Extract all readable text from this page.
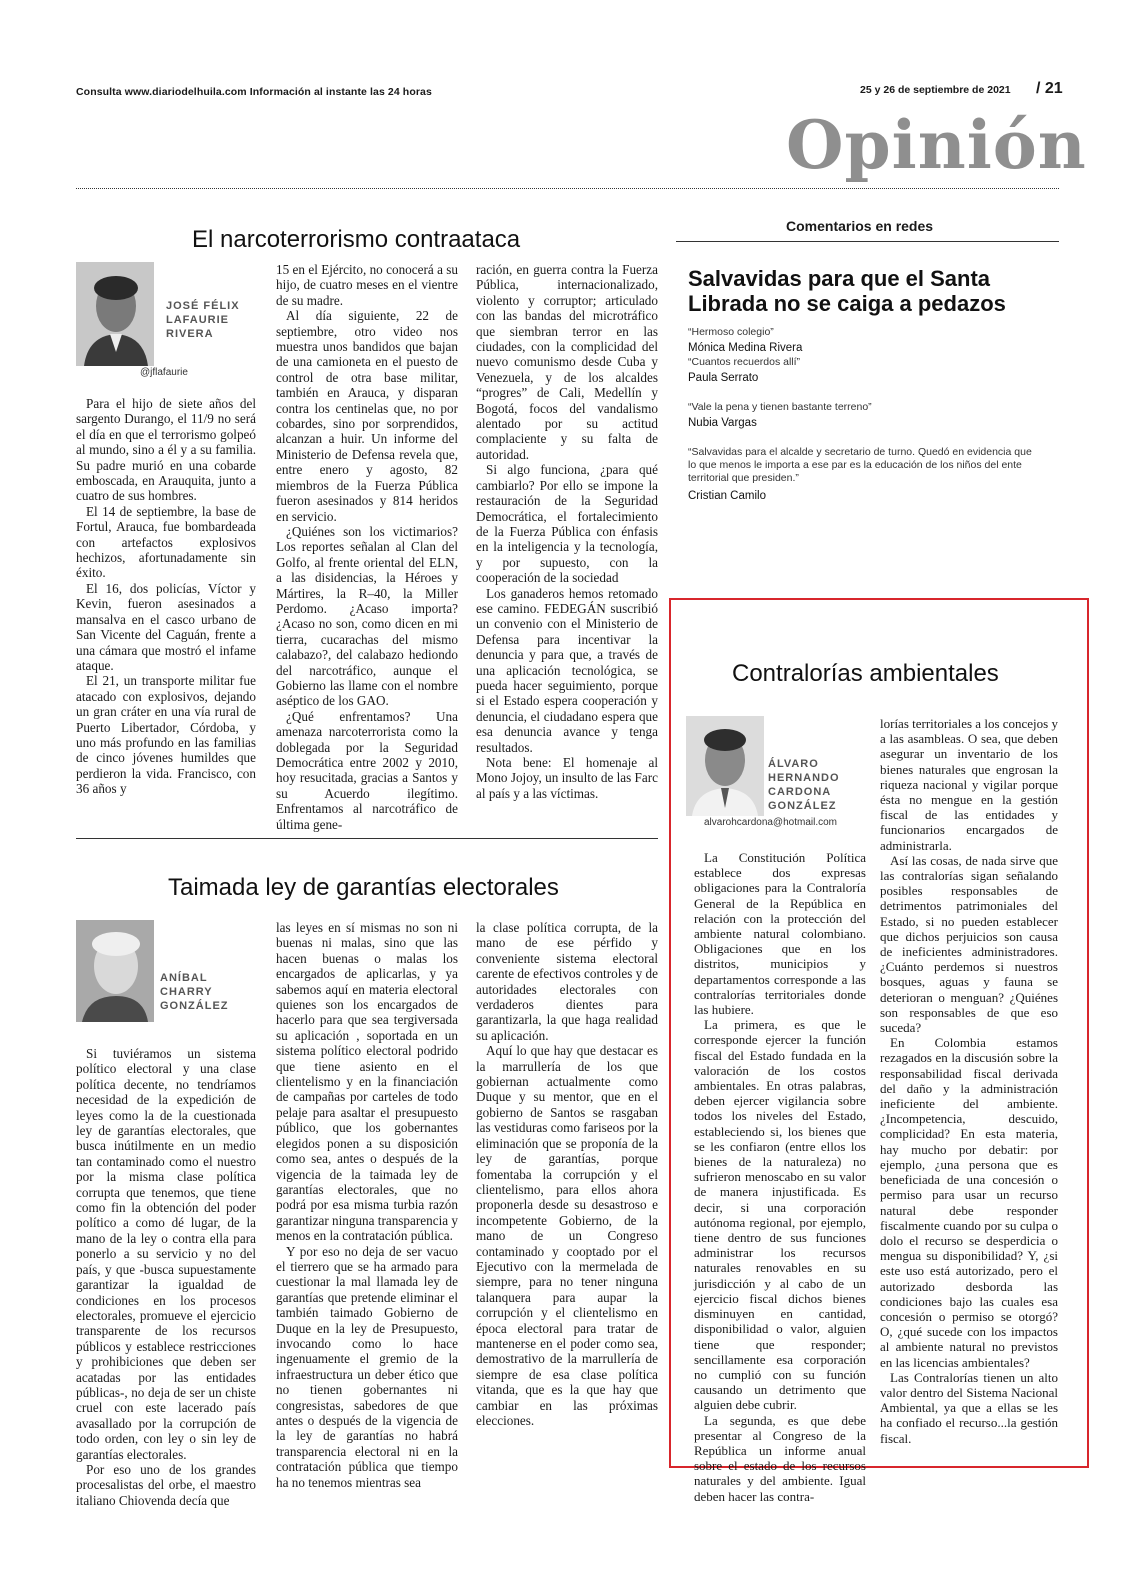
Consulta www.diariodelhuila.com Información al instante las 24 horas	25 y 26 de septiembre de 2021 / 21
Opinión
El narcoterrorismo contraataca
JOSÉ FÉLIX
LAFAURIE
RIVERA
@jflafaurie

Para el hijo de siete años del sargento Durango, el 11/9 no será el día en que el terrorismo golpeó al mundo, sino a él y a su familia. Su padre murió en una cobarde emboscada, en Arauquita, junto a cuatro de sus hombres.

El 14 de septiembre, la base de Fortul, Arauca, fue bombardeada con artefactos explosivos hechizos, afortunadamente sin éxito.

El 16, dos policías, Víctor y Kevin, fueron asesinados a mansalva en el casco urbano de San Vicente del Caguán, frente a una cámara que mostró el infame ataque.

El 21, un transporte militar fue atacado con explosivos, dejando un gran cráter en una vía rural de Puerto Libertador, Córdoba, y uno más profundo en las familias de cinco jóvenes humildes que perdieron la vida. Francisco, con 36 años y

15 en el Ejército, no conocerá a su hijo, de cuatro meses en el vientre de su madre.

Al día siguiente, 22 de septiembre, otro video nos muestra unos bandidos que bajan de una camioneta en el puesto de control de otra base militar, también en Arauca, y disparan contra los centinelas que, no por cobardes, sino por sorprendidos, alcanzan a huir. Un informe del Ministerio de Defensa revela que, entre enero y agosto, 82 miembros de la Fuerza Pública fueron asesinados y 814 heridos en servicio.

¿Quiénes son los victimarios? Los reportes señalan al Clan del Golfo, al frente oriental del ELN, a las disidencias, la Héroes y Mártires, la R–40, la Miller Perdomo. ¿Acaso importa? ¿Acaso no son, como dicen en mi tierra, cucarachas del mismo calabazo?, del calabazo hediondo del narcotráfico, aunque el Gobierno las llame con el nombre aséptico de los GAO.

¿Qué enfrentamos? Una amenaza narcoterrorista como la doblegada por la Seguridad Democrática entre 2002 y 2010, hoy resucitada, gracias a Santos y su Acuerdo ilegítimo. Enfrentamos al narcotráfico de última gene-

ración, en guerra contra la Fuerza Pública, internacionalizado, violento y corruptor; articulado con las bandas del microtráfico que siembran terror en las ciudades, con la complicidad del nuevo comunismo desde Cuba y Venezuela, y de los alcaldes “progres” de Cali, Medellín y Bogotá, focos del vandalismo alentado por su actitud complaciente y su falta de autoridad.

Si algo funciona, ¿para qué cambiarlo? Por ello se impone la restauración de la Seguridad Democrática, el fortalecimiento de la Fuerza Pública con énfasis en la inteligencia y la tecnología, y por supuesto, con la cooperación de la sociedad

Los ganaderos hemos retomado ese camino. FEDEGÁN suscribió un convenio con el Ministerio de Defensa para incentivar la denuncia y para que, a través de una aplicación tecnológica, se pueda hacer seguimiento, porque si el Estado espera cooperación y denuncia, el ciudadano espera que esa denuncia avance y tenga resultados.

Nota bene: El homenaje al Mono Jojoy, un insulto de las Farc al país y a las víctimas.

Taimada ley de garantías electorales
ANÍBAL
CHARRY
GONZÁLEZ

Si tuviéramos un sistema político electoral y una clase política decente, no tendríamos necesidad de la expedición de leyes como la de la cuestionada ley de garantías electorales, que busca inútilmente en un medio tan contaminado como el nuestro por la misma clase política corrupta que tenemos, que tiene como fin la obtención del poder político a como dé lugar, de la mano de la ley o contra ella para ponerlo a su servicio y no del país, y que -busca supuestamente garantizar la igualdad de condiciones en los procesos electorales, promueve el ejercicio transparente de los recursos públicos y establece restricciones y prohibiciones que deben ser acatadas por las entidades públicas-, no deja de ser un chiste cruel con este lacerado país avasallado por la corrupción de todo orden, con ley o sin ley de garantías electorales.

Por eso uno de los grandes procesalistas del orbe, el maestro italiano Chiovenda decía que

las leyes en sí mismas no son ni buenas ni malas, sino que las hacen buenas o malas los encargados de aplicarlas, y ya sabemos aquí en materia electoral quienes son los encargados de hacerlo para que sea tergiversada su aplicación , soportada en un sistema político electoral podrido que tiene asiento en el clientelismo y en la financiación de campañas por carteles de todo pelaje para asaltar el presupuesto público, que los gobernantes elegidos ponen a su disposición como sea, antes o después de la vigencia de la taimada ley de garantías electorales, que no podrá por esa misma turbia razón garantizar ninguna transparencia y menos en la contratación pública.

Y por eso no deja de ser vacuo el tierrero que se ha armado para cuestionar la mal llamada ley de garantías que pretende eliminar el también taimado Gobierno de Duque en la ley de Presupuesto, invocando como lo hace ingenuamente el gremio de la infraestructura un deber ético que no tienen gobernantes ni congresistas, sabedores de que antes o después de la vigencia de la ley de garantías no habrá transparencia electoral ni en la contratación pública que tiempo ha no tenemos mientras sea

la clase política corrupta, de la mano de ese pérfido y conveniente sistema electoral carente de efectivos controles y de autoridades electorales con verdaderos dientes para garantizarla, la que haga realidad su aplicación.

Aquí lo que hay que destacar es la marrullería de los que gobiernan actualmente como Duque y su mentor, que en el gobierno de Santos se rasgaban las vestiduras como fariseos por la eliminación que se proponía de la ley de garantías, porque fomentaba la corrupción y el clientelismo, para ellos ahora proponerla desde su desastroso e incompetente Gobierno, de la mano de un Congreso contaminado y cooptado por el Ejecutivo con la mermelada de siempre, para no tener ninguna talanquera para aupar la corrupción y el clientelismo en época electoral para tratar de mantenerse en el poder como sea, demostrativo de la marrullería de siempre de esa clase política vitanda, que es la que hay que cambiar en las próximas elecciones.

Comentarios en redes
Salvavidas para que el Santa Librada no se caiga a pedazos
“Hermoso colegio”
Mónica Medina Rivera
“Cuantos recuerdos allí”
Paula Serrato
“Vale la pena y tienen bastante terreno”
Nubia Vargas
“Salvavidas para el alcalde y secretario de turno. Quedó en evidencia que lo que menos le importa a ese par es la educación de los niños del ente territorial que presiden.”
Cristian Camilo
Contralorías ambientales
ÁLVARO
HERNANDO
CARDONA
GONZÁLEZ
alvarohcardona@hotmail.com

La Constitución Política establece dos expresas obligaciones para la Contraloría General de la República en relación con la protección del ambiente natural colombiano. Obligaciones que en los distritos, municipios y departamentos corresponde a las contralorías territoriales donde las hubiere.

La primera, es que le corresponde ejercer la función fiscal del Estado fundada en la valoración de los costos ambientales. En otras palabras, deben ejercer vigilancia sobre todos los niveles del Estado, estableciendo si, los bienes que se les confiaron (entre ellos los bienes de la naturaleza) no sufrieron menoscabo en su valor de manera injustificada. Es decir, si una corporación autónoma regional, por ejemplo, tiene dentro de sus funciones administrar los recursos naturales renovables en su jurisdicción y al cabo de un ejercicio fiscal dichos bienes disminuyen en cantidad, disponibilidad o valor, alguien tiene que responder; sencillamente esa corporación no cumplió con su función causando un detrimento que alguien debe cubrir.

La segunda, es que debe presentar al Congreso de la República un informe anual sobre el estado de los recursos naturales y del ambiente. Igual deben hacer las contra-

lorías territoriales a los concejos y a las asambleas. O sea, que deben asegurar un inventario de los bienes naturales que engrosan la riqueza nacional y vigilar porque ésta no mengue en la gestión fiscal de las entidades y funcionarios encargados de administrarla.

Así las cosas, de nada sirve que las contralorías sigan señalando posibles responsables de detrimentos patrimoniales del Estado, si no pueden establecer que dichos perjuicios son causa de ineficientes administradores. ¿Cuánto perdemos si nuestros bosques, aguas y fauna se deterioran o menguan? ¿Quiénes son responsables de que eso suceda?

En Colombia estamos rezagados en la discusión sobre la responsabilidad fiscal derivada del daño y la administración ineficiente del ambiente. ¿Incompetencia, descuido, complicidad? En esta materia, hay mucho por debatir: por ejemplo, ¿una persona que es beneficiada de una concesión o permiso para usar un recurso natural debe responder fiscalmente cuando por su culpa o dolo el recurso se desperdicia o mengua su disponibilidad? Y, ¿si este uso está autorizado, pero el autorizado desborda las condiciones bajo las cuales esa concesión o permiso se otorgó? O, ¿qué sucede con los impactos al ambiente natural no previstos en las licencias ambientales?

Las Contralorías tienen un alto valor dentro del Sistema Nacional Ambiental, ya que a ellas se les ha confiado el recurso...la gestión fiscal.
